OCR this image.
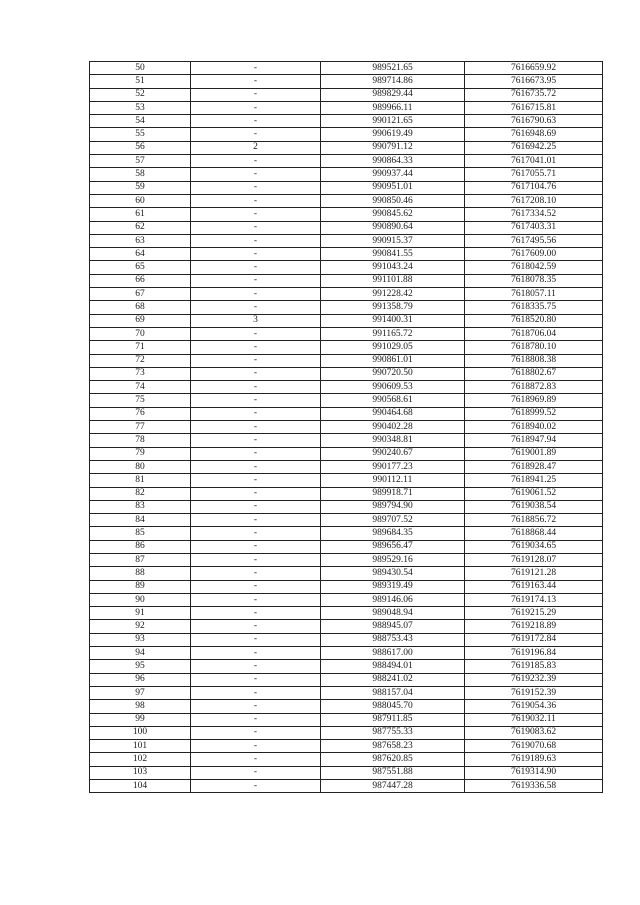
50	-	989521.65	7616659.92
51	-	989714.86	7616673.95
52	-	989829.44	7616735.72
53	-	989966.11	7616715.81
54	-	990121.65	7616790.63
55	-	990619.49	7616948.69
56	2	990791.12	7616942.25
57	-	990864.33	7617041.01
58	-	990937.44	7617055.71
59	-	990951.01	7617104.76
60	-	990850.46	7617208.10
61	-	990845.62	7617334.52
62	-	990890.64	7617403.31
63	-	990915.37	7617495.56
64	-	990841.55	7617609.00
65	-	991043.24	7618042.59
66	-	991101.88	7618078.35
67	-	991228.42	7618057.11
68	-	991358.79	7618335.75
69	3	991400.31	7618520.80
70	-	991165.72	7618706.04
71	-	991029.05	7618780.10
72	-	990861.01	7618808.38
73	-	990720.50	7618802.67
74	-	990609.53	7618872.83
75	-	990568.61	7618969.89
76	-	990464.68	7618999.52
77	-	990402.28	7618940.02
78	-	990348.81	7618947.94
79	-	990240.67	7619001.89
80	-	990177.23	7618928.47
81	-	990112.11	7618941.25
82	-	989918.71	7619061.52
83	-	989794.90	7619038.54
84	-	989707.52	7618856.72
85	-	989684.35	7618868.44
86	-	989656.47	7619034.65
87	-	989529.16	7619128.07
88	-	989430.54	7619121.28
89	-	989319.49	7619163.44
90	-	989146.06	7619174.13
91	-	989048.94	7619215.29
92	-	988945.07	7619218.89
93	-	988753.43	7619172.84
94	-	988617.00	7619196.84
95	-	988494.01	7619185.83
96	-	988241.02	7619232.39
97	-	988157.04	7619152.39
98	-	988045.70	7619054.36
99	-	987911.85	7619032.11
100	-	987755.33	7619083.62
101	-	987658.23	7619070.68
102	-	987620.85	7619189.63
103	-	987551.88	7619314.90
104	-	987447.28	7619336.58
